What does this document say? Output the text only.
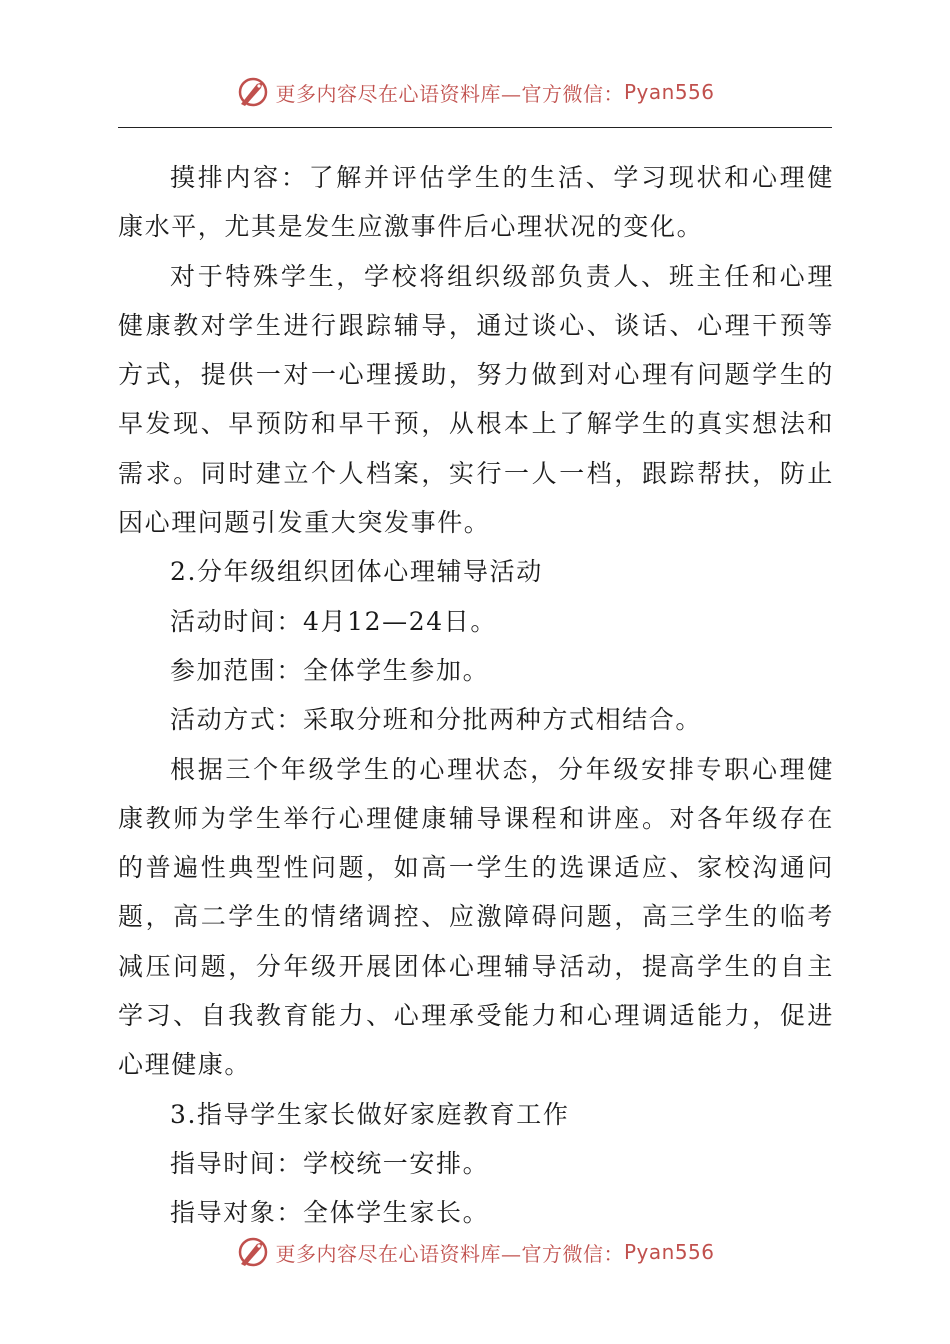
更多内容尽在心语资料库—官方微信： Pyan556

摸排内容：了解并评估学生的生活、学习现状和心理健康水平，尤其是发生应激事件后心理状况的变化。

对于特殊学生，学校将组织级部负责人、班主任和心理健康教对学生进行跟踪辅导，通过谈心、谈话、心理干预等方式，提供一对一心理援助，努力做到对心理有问题学生的早发现、早预防和早干预，从根本上了解学生的真实想法和需求。同时建立个人档案，实行一人一档，跟踪帮扶，防止因心理问题引发重大突发事件。

2.分年级组织团体心理辅导活动

活动时间：4月12—24日。

参加范围：全体学生参加。

活动方式：采取分班和分批两种方式相结合。

根据三个年级学生的心理状态，分年级安排专职心理健康教师为学生举行心理健康辅导课程和讲座。对各年级存在的普遍性典型性问题，如高一学生的选课适应、家校沟通问题，高二学生的情绪调控、应激障碍问题，高三学生的临考减压问题，分年级开展团体心理辅导活动，提高学生的自主学习、自我教育能力、心理承受能力和心理调适能力，促进心理健康。

3.指导学生家长做好家庭教育工作

指导时间：学校统一安排。

指导对象：全体学生家长。

更多内容尽在心语资料库—官方微信： Pyan556
